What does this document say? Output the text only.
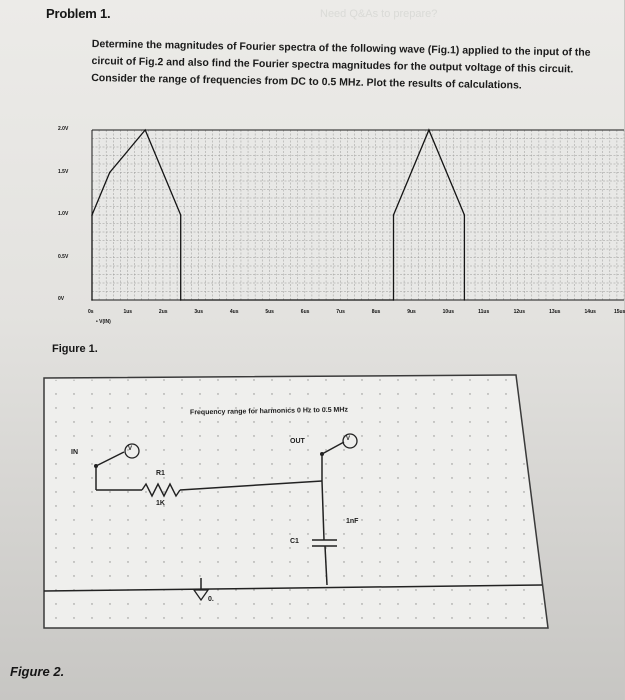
Problem 1.	Need Q&As to prepare?
Determine the magnitudes of Fourier spectra of the following wave (Fig.1) applied to the input of the circuit of Fig.2 and also find the Fourier spectra magnitudes for the output voltage of this circuit. Consider the range of frequencies from DC to 0.5 MHz. Plot the results of calculations.
2.0V
1.5V
1.0V
0.5V
0V
0s	1us	2us	3us	4us	5us	6us	7us	8us	9us	10us	11us	12us	13us	14us	15us
• V(IN)
Figure 1.
Frequency range for harmonics 0 Hz to 0.5 MHz
IN	V
OUT	V
R1
1K
1nF
C1
0.
Figure 2.
